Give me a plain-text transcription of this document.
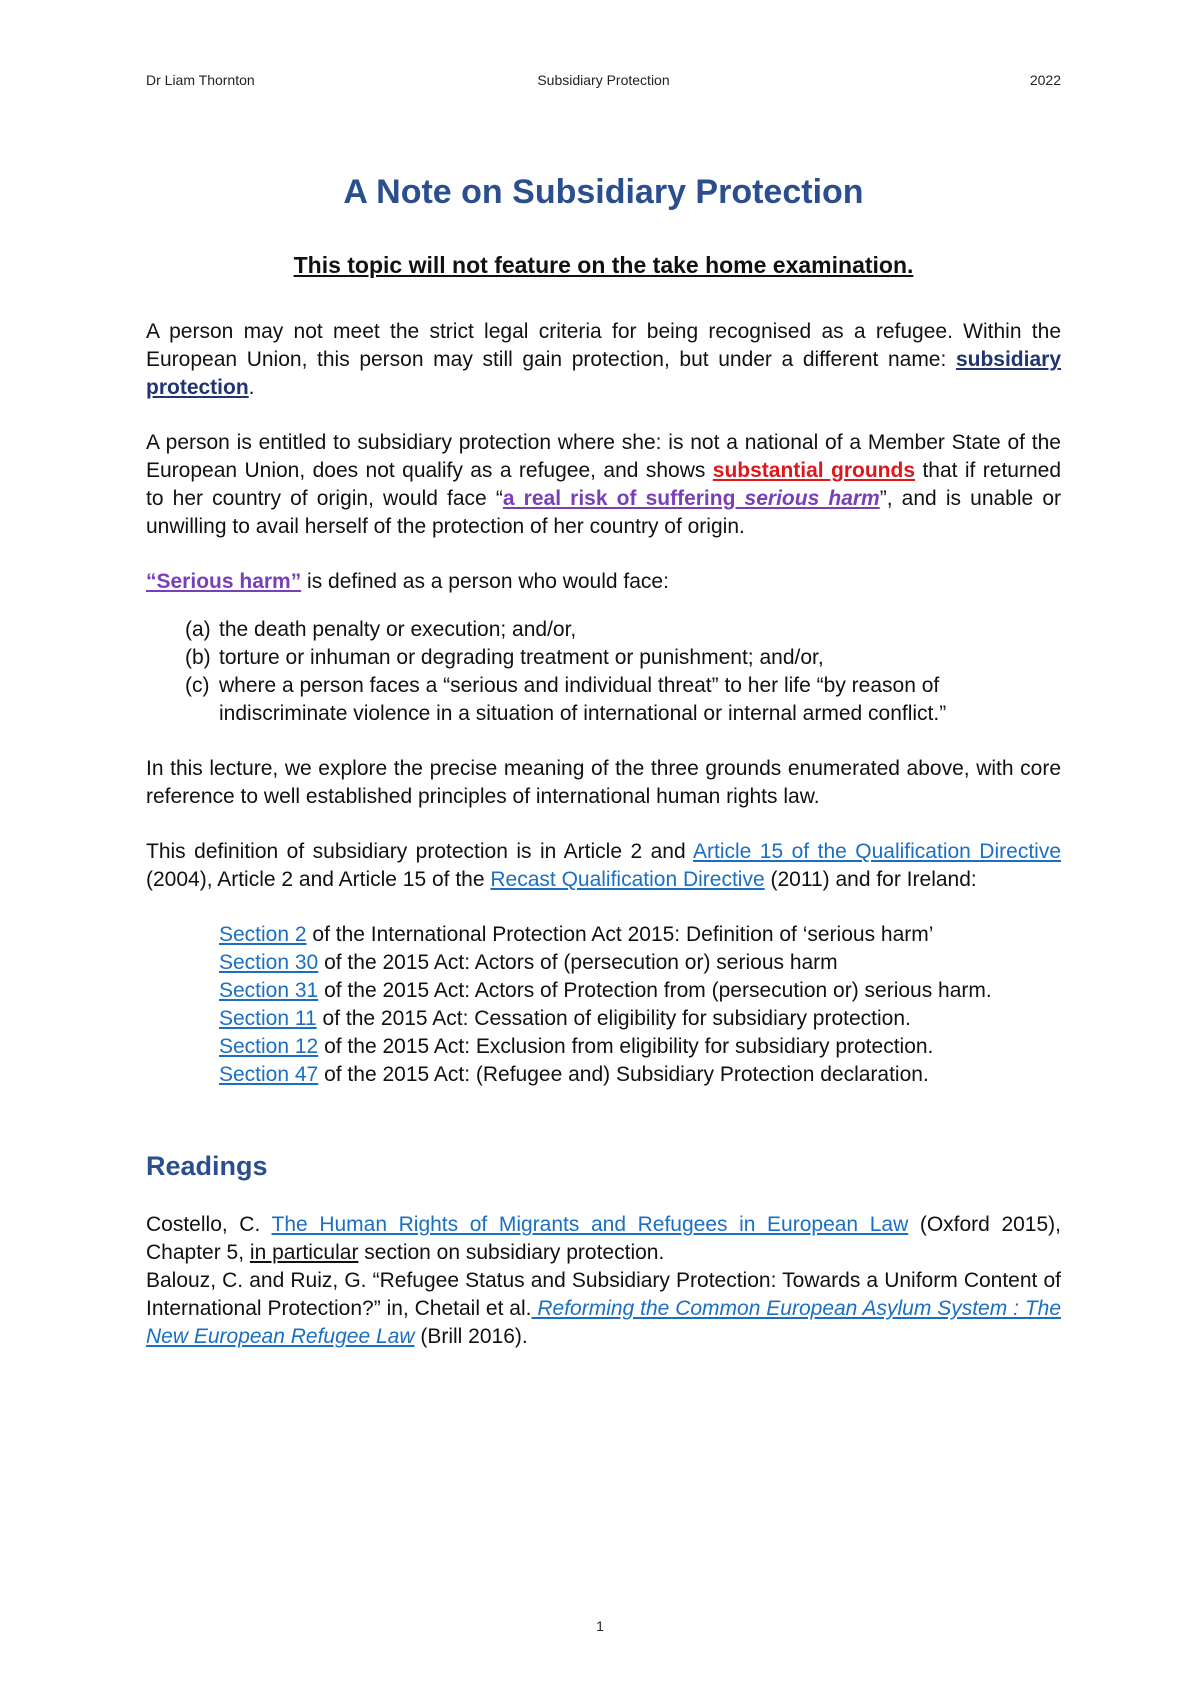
Dr Liam Thornton	Subsidiary Protection	2022
A Note on Subsidiary Protection
This topic will not feature on the take home examination.

A person may not meet the strict legal criteria for being recognised as a refugee. Within the European Union, this person may still gain protection, but under a different name: subsidiary protection.

A person is entitled to subsidiary protection where she: is not a national of a Member State of the European Union, does not qualify as a refugee, and shows substantial grounds that if returned to her country of origin, would face “a real risk of suffering serious harm”, and is unable or unwilling to avail herself of the protection of her country of origin.

“Serious harm” is defined as a person who would face:

(a) the death penalty or execution; and/or,
(b) torture or inhuman or degrading treatment or punishment; and/or,
(c) where a person faces a “serious and individual threat” to her life “by reason of indiscriminate violence in a situation of international or internal armed conflict.”

In this lecture, we explore the precise meaning of the three grounds enumerated above, with core reference to well established principles of international human rights law.

This definition of subsidiary protection is in Article 2 and Article 15 of the Qualification Directive (2004), Article 2 and Article 15 of the Recast Qualification Directive (2011) and for Ireland:

Section 2 of the International Protection Act 2015: Definition of ‘serious harm’

Section 30 of the 2015 Act: Actors of (persecution or) serious harm

Section 31 of the 2015 Act: Actors of Protection from (persecution or) serious harm.

Section 11 of the 2015 Act: Cessation of eligibility for subsidiary protection.

Section 12 of the 2015 Act: Exclusion from eligibility for subsidiary protection.

Section 47 of the 2015 Act: (Refugee and) Subsidiary Protection declaration.

Readings

Costello, C. The Human Rights of Migrants and Refugees in European Law (Oxford 2015), Chapter 5, in particular section on subsidiary protection.

Balouz, C. and Ruiz, G. “Refugee Status and Subsidiary Protection: Towards a Uniform Content of International Protection?” in, Chetail et al. Reforming the Common European Asylum System : The New European Refugee Law (Brill 2016).

1
